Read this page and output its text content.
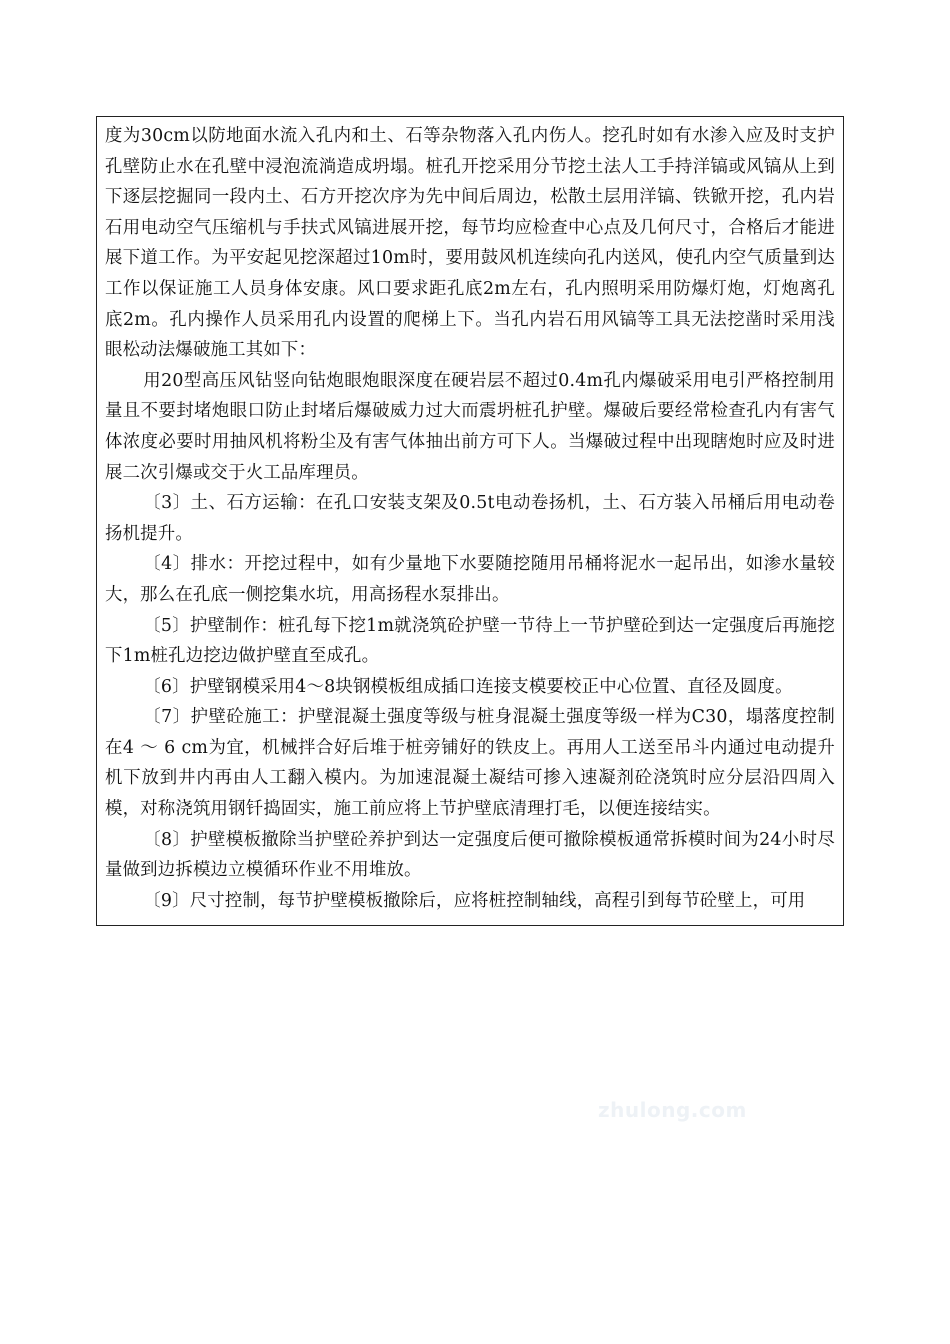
度为30cm以防地面水流入孔内和土、石等杂物落入孔内伤人。挖孔时如有水渗入应及时支护孔壁防止水在孔壁中浸泡流淌造成坍塌。桩孔开挖采用分节挖土法人工手持洋镐或风镐从上到下逐层挖掘同一段内土、石方开挖次序为先中间后周边，松散土层用洋镐、铁锨开挖，孔内岩石用电动空气压缩机与手扶式风镐进展开挖，每节均应检查中心点及几何尺寸，合格后才能进展下道工作。为平安起见挖深超过10m时，要用鼓风机连续向孔内送风，使孔内空气质量到达工作以保证施工人员身体安康。风口要求距孔底2m左右，孔内照明采用防爆灯炮，灯炮离孔底2m。孔内操作人员采用孔内设置的爬梯上下。当孔内岩石用风镐等工具无法挖凿时采用浅眼松动法爆破施工其如下：

用20型高压风钻竖向钻炮眼炮眼深度在硬岩层不超过0.4m孔内爆破采用电引严格控制用量且不要封堵炮眼口防止封堵后爆破威力过大而震坍桩孔护壁。爆破后要经常检查孔内有害气体浓度必要时用抽风机将粉尘及有害气体抽出前方可下人。当爆破过程中出现瞎炮时应及时进展二次引爆或交于火工品库理员。

〔3〕土、石方运输：在孔口安装支架及0.5t电动卷扬机，土、石方装入吊桶后用电动卷扬机提升。

〔4〕排水：开挖过程中，如有少量地下水要随挖随用吊桶将泥水一起吊出，如渗水量较大，那么在孔底一侧挖集水坑，用高扬程水泵排出。

〔5〕护壁制作：桩孔每下挖1m就浇筑砼护壁一节待上一节护壁砼到达一定强度后再施挖下1m桩孔边挖边做护壁直至成孔。

〔6〕护壁钢模采用4～8块钢模板组成插口连接支模要校正中心位置、直径及圆度。

〔7〕护壁砼施工：护壁混凝土强度等级与桩身混凝土强度等级一样为C30，塌落度控制在4 ～ 6 cm为宜，机械拌合好后堆于桩旁铺好的铁皮上。再用人工送至吊斗内通过电动提升机下放到井内再由人工翻入模内。为加速混凝土凝结可掺入速凝剂砼浇筑时应分层沿四周入模，对称浇筑用钢钎捣固实，施工前应将上节护壁底清理打毛，以便连接结实。

〔8〕护壁模板撤除当护壁砼养护到达一定强度后便可撤除模板通常拆模时间为24小时尽量做到边拆模边立模循环作业不用堆放。

〔9〕尺寸控制，每节护壁模板撤除后，应将桩控制轴线，高程引到每节砼壁上，可用

zhulong.com
